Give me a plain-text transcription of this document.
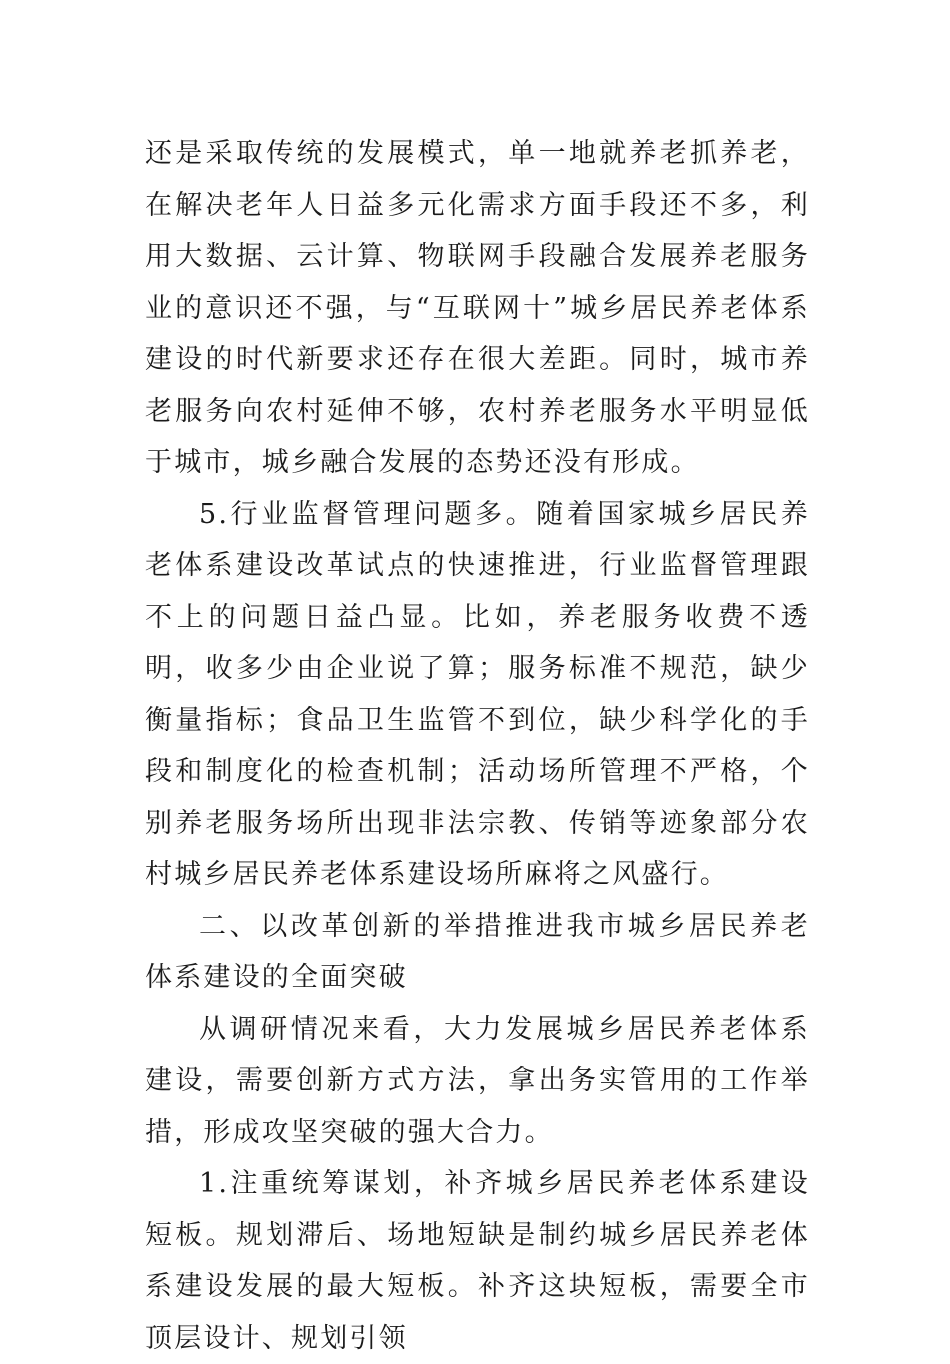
还是采取传统的发展模式，单一地就养老抓养老，在解决老年人日益多元化需求方面手段还不多，利用大数据、云计算、物联网手段融合发展养老服务业的意识还不强，与“互联网十”城乡居民养老体系建设的时代新要求还存在很大差距。同时，城市养老服务向农村延伸不够，农村养老服务水平明显低于城市，城乡融合发展的态势还没有形成。

5.行业监督管理问题多。随着国家城乡居民养老体系建设改革试点的快速推进，行业监督管理跟不上的问题日益凸显。比如，养老服务收费不透明，收多少由企业说了算；服务标准不规范，缺少衡量指标；食品卫生监管不到位，缺少科学化的手段和制度化的检查机制；活动场所管理不严格，个别养老服务场所出现非法宗教、传销等迹象部分农村城乡居民养老体系建设场所麻将之风盛行。

二、以改革创新的举措推进我市城乡居民养老体系建设的全面突破

从调研情况来看，大力发展城乡居民养老体系建设，需要创新方式方法，拿出务实管用的工作举措，形成攻坚突破的强大合力。

1.注重统筹谋划，补齐城乡居民养老体系建设短板。规划滞后、场地短缺是制约城乡居民养老体系建设发展的最大短板。补齐这块短板，需要全市顶层设计、规划引领
